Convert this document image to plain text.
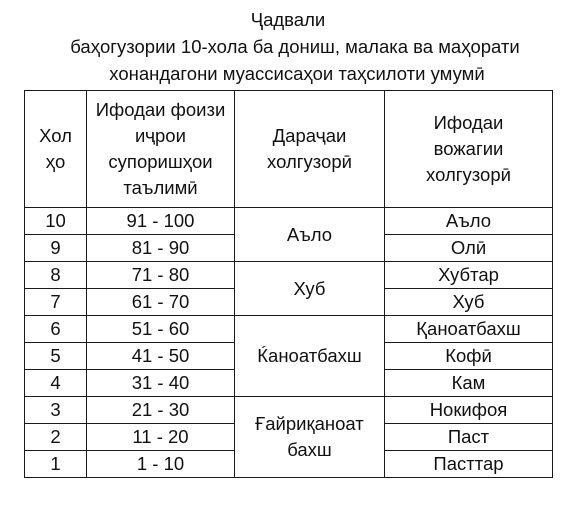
Ҷадвали
баҳогузории 10-хола ба дониш, малака ва маҳорати
хонандагони муассисаҳои таҳсилоти умумӣ
Холҳо	Ифодаи фоизи иҷрои супоришҳои таълимӣ	Дараҷаи холгузорӣ	Ифодаи вожагии холгузорӣ
10	91 - 100	Аъло	Аъло
9	81 - 90		Олӣ
8	71 - 80	Хуб	Хубтар
7	61 - 70		Хуб
6	51 - 60	Ќаноатбахш	Қаноатбахш
5	41 - 50		Кофӣ
4	31 - 40		Кам
3	21 - 30	Ғайриқаноатбахш	Нокифоя
2	11 - 20		Паст
1	1 - 10		Пасттар
